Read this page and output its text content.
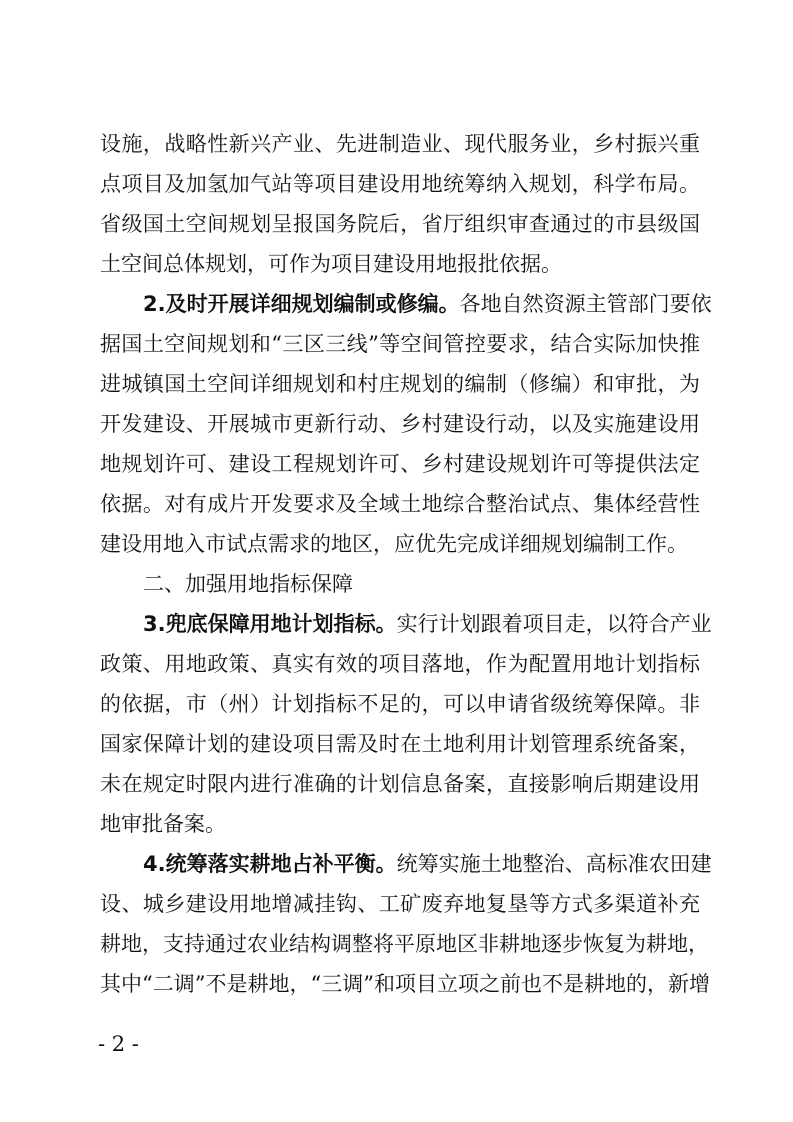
设施，战略性新兴产业、先进制造业、现代服务业，乡村振兴重
点项目及加氢加气站等项目建设用地统筹纳入规划，科学布局。
省级国土空间规划呈报国务院后，省厅组织审查通过的市县级国
土空间总体规划，可作为项目建设用地报批依据。
2.及时开展详细规划编制或修编。各地自然资源主管部门要依
据国土空间规划和“三区三线”等空间管控要求，结合实际加快推
进城镇国土空间详细规划和村庄规划的编制（修编）和审批，为
开发建设、开展城市更新行动、乡村建设行动，以及实施建设用
地规划许可、建设工程规划许可、乡村建设规划许可等提供法定
依据。对有成片开发要求及全域土地综合整治试点、集体经营性
建设用地入市试点需求的地区，应优先完成详细规划编制工作。
二、加强用地指标保障
3.兜底保障用地计划指标。实行计划跟着项目走，以符合产业
政策、用地政策、真实有效的项目落地，作为配置用地计划指标
的依据，市（州）计划指标不足的，可以申请省级统筹保障。非
国家保障计划的建设项目需及时在土地利用计划管理系统备案，
未在规定时限内进行准确的计划信息备案，直接影响后期建设用
地审批备案。
4.统筹落实耕地占补平衡。统筹实施土地整治、高标准农田建
设、城乡建设用地增减挂钩、工矿废弃地复垦等方式多渠道补充
耕地，支持通过农业结构调整将平原地区非耕地逐步恢复为耕地，
其中“二调”不是耕地，“三调”和项目立项之前也不是耕地的，新增
- 2 -
